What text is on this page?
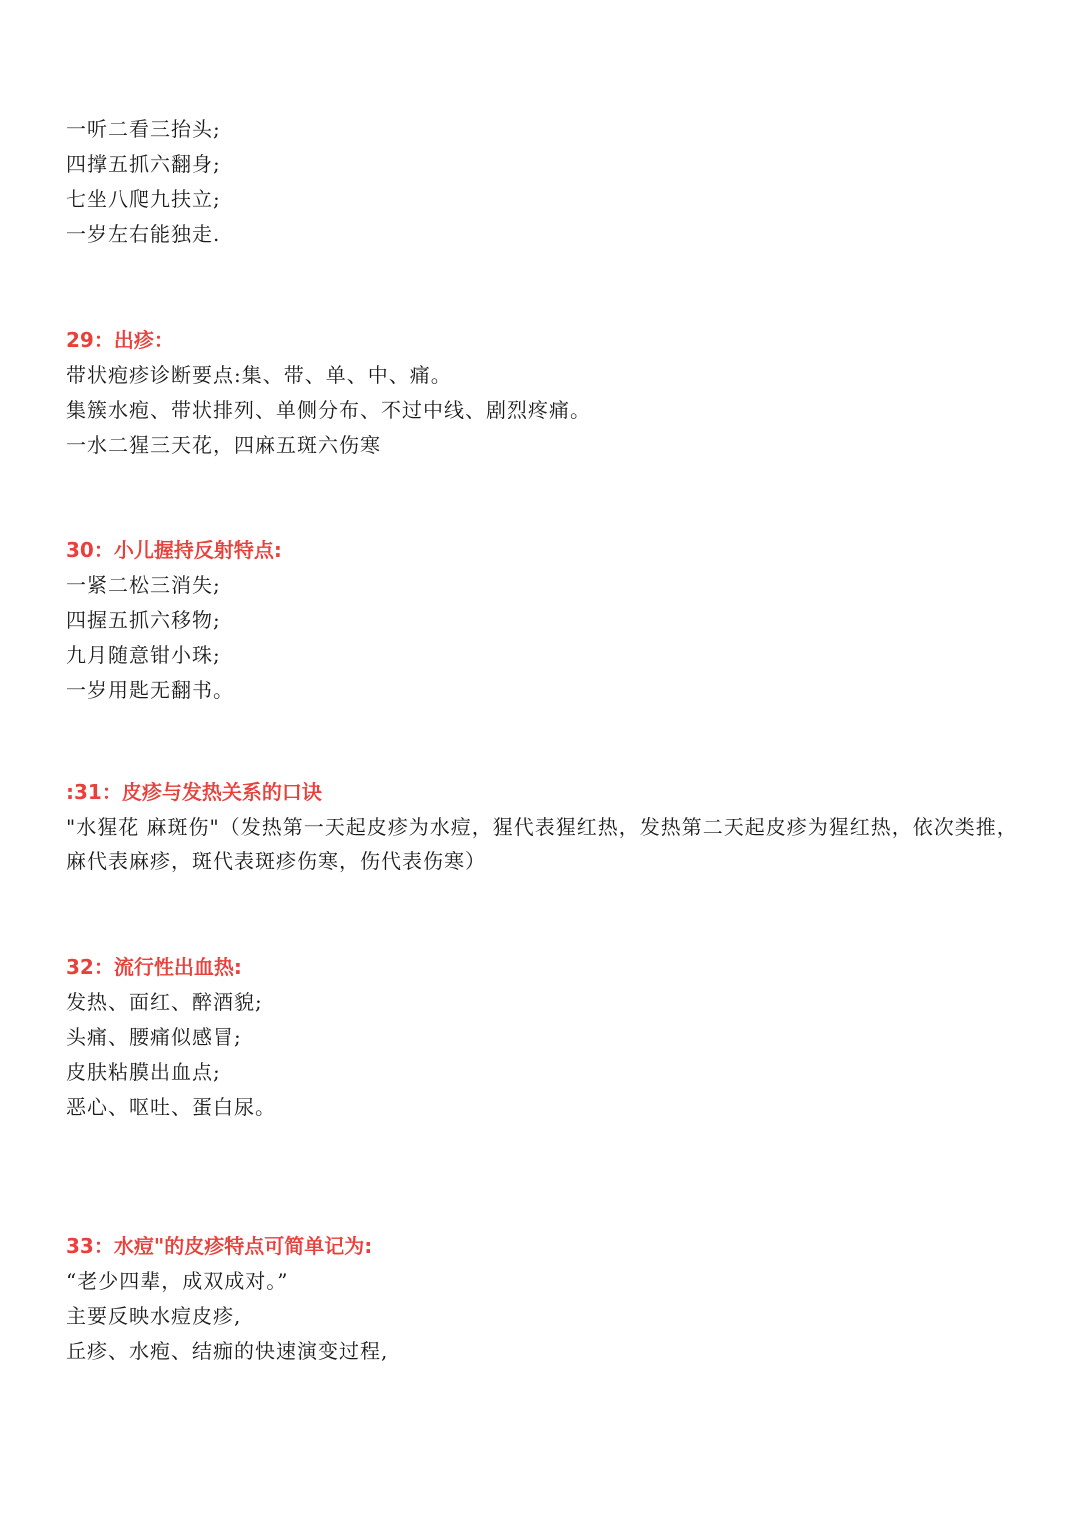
一听二看三抬头;
四撑五抓六翻身;
七坐八爬九扶立;
一岁左右能独走.
29：出疹：
带状疱疹诊断要点:集、带、单、中、痛。
集簇水疱、带状排列、单侧分布、不过中线、剧烈疼痛。
一水二猩三天花，四麻五斑六伤寒
30：小儿握持反射特点:
一紧二松三消失;
四握五抓六移物;
九月随意钳小珠;
一岁用匙无翻书。
:31：皮疹与发热关系的口诀
"水猩花 麻斑伤"（发热第一天起皮疹为水痘，猩代表猩红热，发热第二天起皮疹为猩红热，依次类推，麻代表麻疹，斑代表斑疹伤寒，伤代表伤寒）
32：流行性出血热:
发热、面红、醉酒貌;
头痛、腰痛似感冒;
皮肤粘膜出血点;
恶心、呕吐、蛋白尿。
33：水痘"的皮疹特点可简单记为:
“老少四辈，成双成对。”
主要反映水痘皮疹,
丘疹、水疱、结痂的快速演变过程,
